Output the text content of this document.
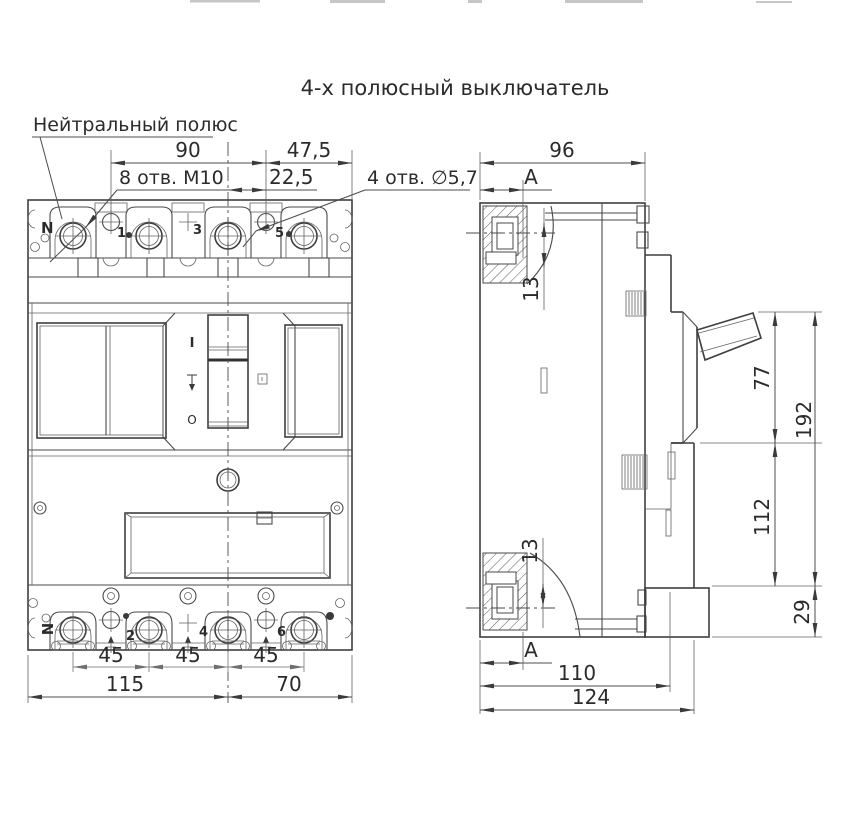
4-х полюсный выключатель
N	1	3	5
I
O
N	2	4	6
Нейтральный полюс
90	47,5
8 отв. М10 22,5	4 отв. ∅5,7
45	45	45
115	70
96
А
13
13
А
77
112
192
29
110
124
